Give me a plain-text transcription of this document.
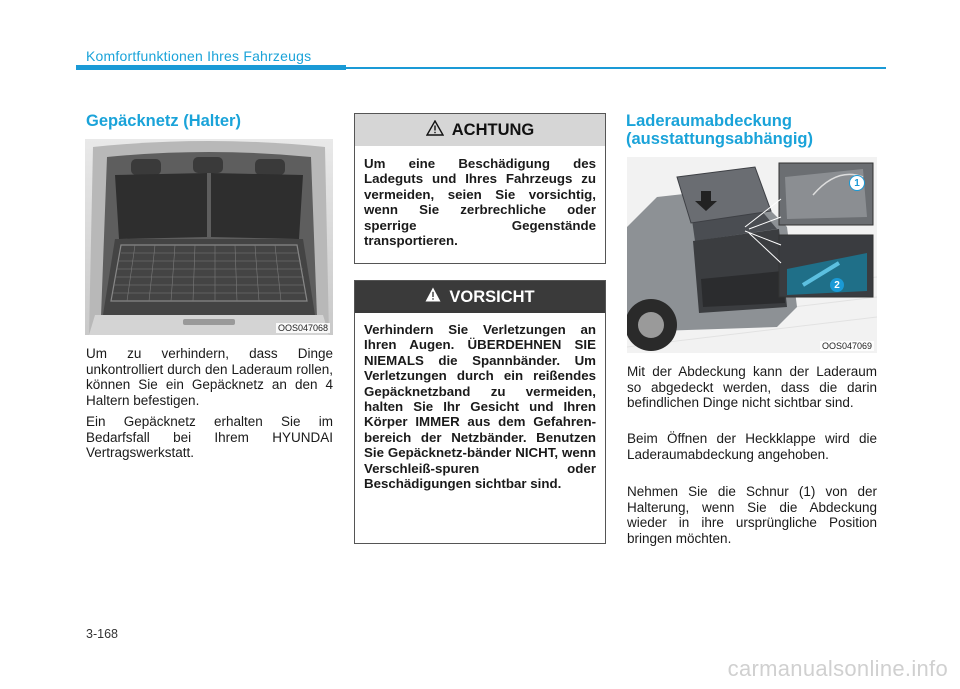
Komfortfunktionen Ihres Fahrzeugs
Gepäcknetz (Halter)
OOS047068

Um zu verhindern, dass Dinge unkontrolliert durch den Laderaum rollen, können Sie ein Gepäcknetz an den 4 Haltern befestigen.

Ein Gepäcknetz erhalten Sie im Bedarfsfall bei Ihrem HYUNDAI Vertragswerkstatt.

ACHTUNG

Um eine Beschädigung des Ladeguts und Ihres Fahrzeugs zu vermeiden, seien Sie vorsichtig, wenn Sie zerbrechliche oder sperrige Gegenstände transportieren.

VORSICHT

Verhindern Sie Verletzungen an Ihren Augen. ÜBERDEHNEN SIE NIEMALS die Spannbänder. Um Verletzungen durch ein reißendes Gepäcknetzband zu vermeiden, halten Sie Ihr Gesicht und Ihren Körper IMMER aus dem Gefahren-bereich der Netzbänder. Benutzen Sie Gepäcknetz-bänder NICHT, wenn Verschleiß-spuren oder Beschädigungen sichtbar sind.

Laderaumabdeckung
(ausstattungsabhängig)
1
2
OOS047069

Mit der Abdeckung kann der Laderaum so abgedeckt werden, dass die darin befindlichen Dinge nicht sichtbar sind.

Beim Öffnen der Heckklappe wird die Laderaumabdeckung angehoben.

Nehmen Sie die Schnur (1) von der Halterung, wenn Sie die Abdeckung wieder in ihre ursprüngliche Position bringen möchten.

3-168
carmanualsonline.info
